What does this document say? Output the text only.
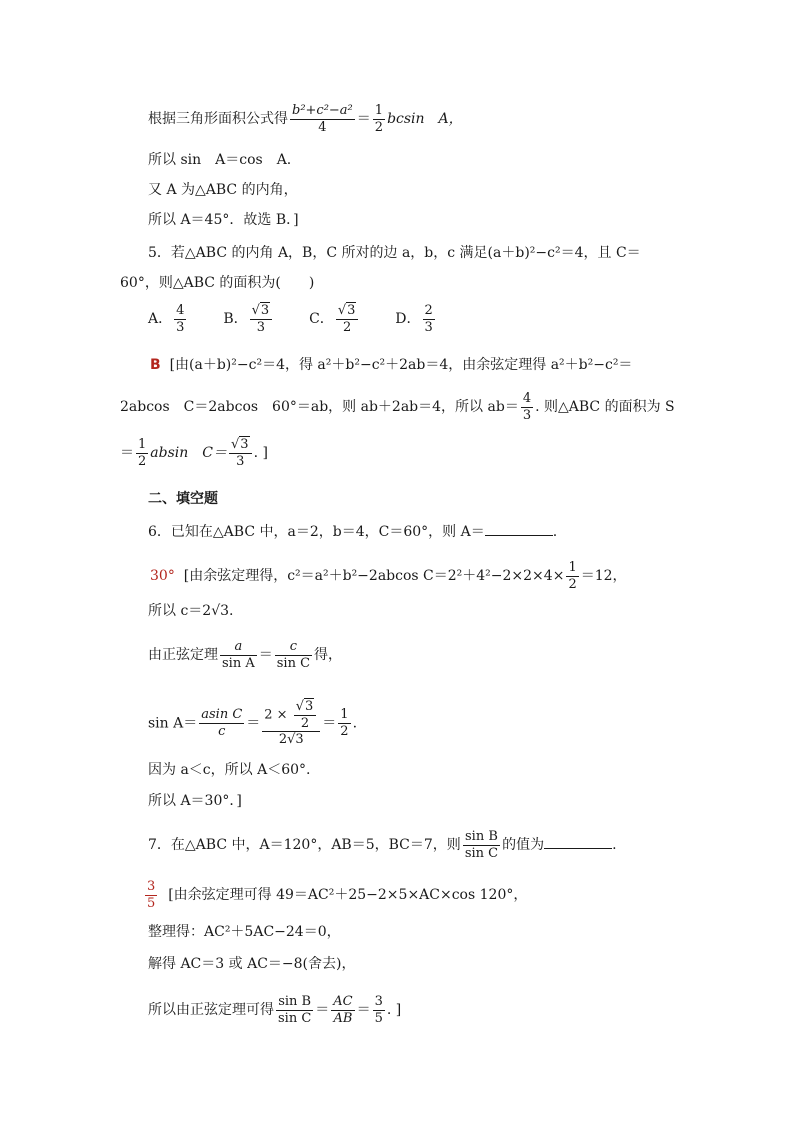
根据三角形面积公式得 $\frac{\text{b²+c²−a²}}{4} = \frac{1}{2}$ bcsin　A，
所以 sin　A＝cos　A.
又 A 为△ABC 的内角，
所以 A＝45°．故选 B．]
5．若△ABC 的内角 A，B，C 所对的边 a，b，c 满足(a＋b)²−c²＝4，且 C＝
60°，则△ABC 的面积为(　　)
A． $\frac{4}{3}$	B． $\frac{√3}{3}$	C． $\frac{√3}{2}$	D． $\frac{2}{3}$
B [由(a＋b)²−c²＝4，得 a²＋b²−c²＋2ab＝4，由余弦定理得 a²＋b²−c²＝
2abcos　C＝2abcos　60°＝ab，则 ab＋2ab＝4，所以 $ab= \frac{4}{3}$ . 则△ABC 的面积为 S
＝ $\frac{1}{2}$ absin　$C= \frac{√3}{3}$ . ]
二、填空题
6．已知在△ABC 中，a＝2，b＝4，C＝60°，则 A＝	.
30° [由余弦定理得，c²＝a²＋b²−2abcos $C=2^2+4^2-2\times 2\times 4\times \frac{1}{2} =12$，
所以 c＝2√3.
由正弦定理 $\frac{a}{\text{sin A}} = \frac{c}{\text{sin C}}$ 得，
$\sin A= \frac{\text{asin C}}{c} = \frac{2 \times \frac{√3}{2}}{2√3} = \frac{1}{2}$ .
因为 a＜c，所以 A＜60°.
所以 A＝30°．]
7．在△ABC 中，A＝120°，AB＝5，BC＝7，则 $\frac{\text{sin B}}{\text{sin C}}$ 的值为	.
$\frac{3}{5}$ [由余弦定理可得 49＝AC²＋25−2×5×AC×cos 120°，
整理得：AC²＋5AC−24＝0，
解得 AC＝3 或 AC＝−8(舍去)，
所以由正弦定理可得 $\frac{\text{sin B}}{\text{sin C}} = \frac{AC}{AB} = \frac{3}{5}$ . ]
